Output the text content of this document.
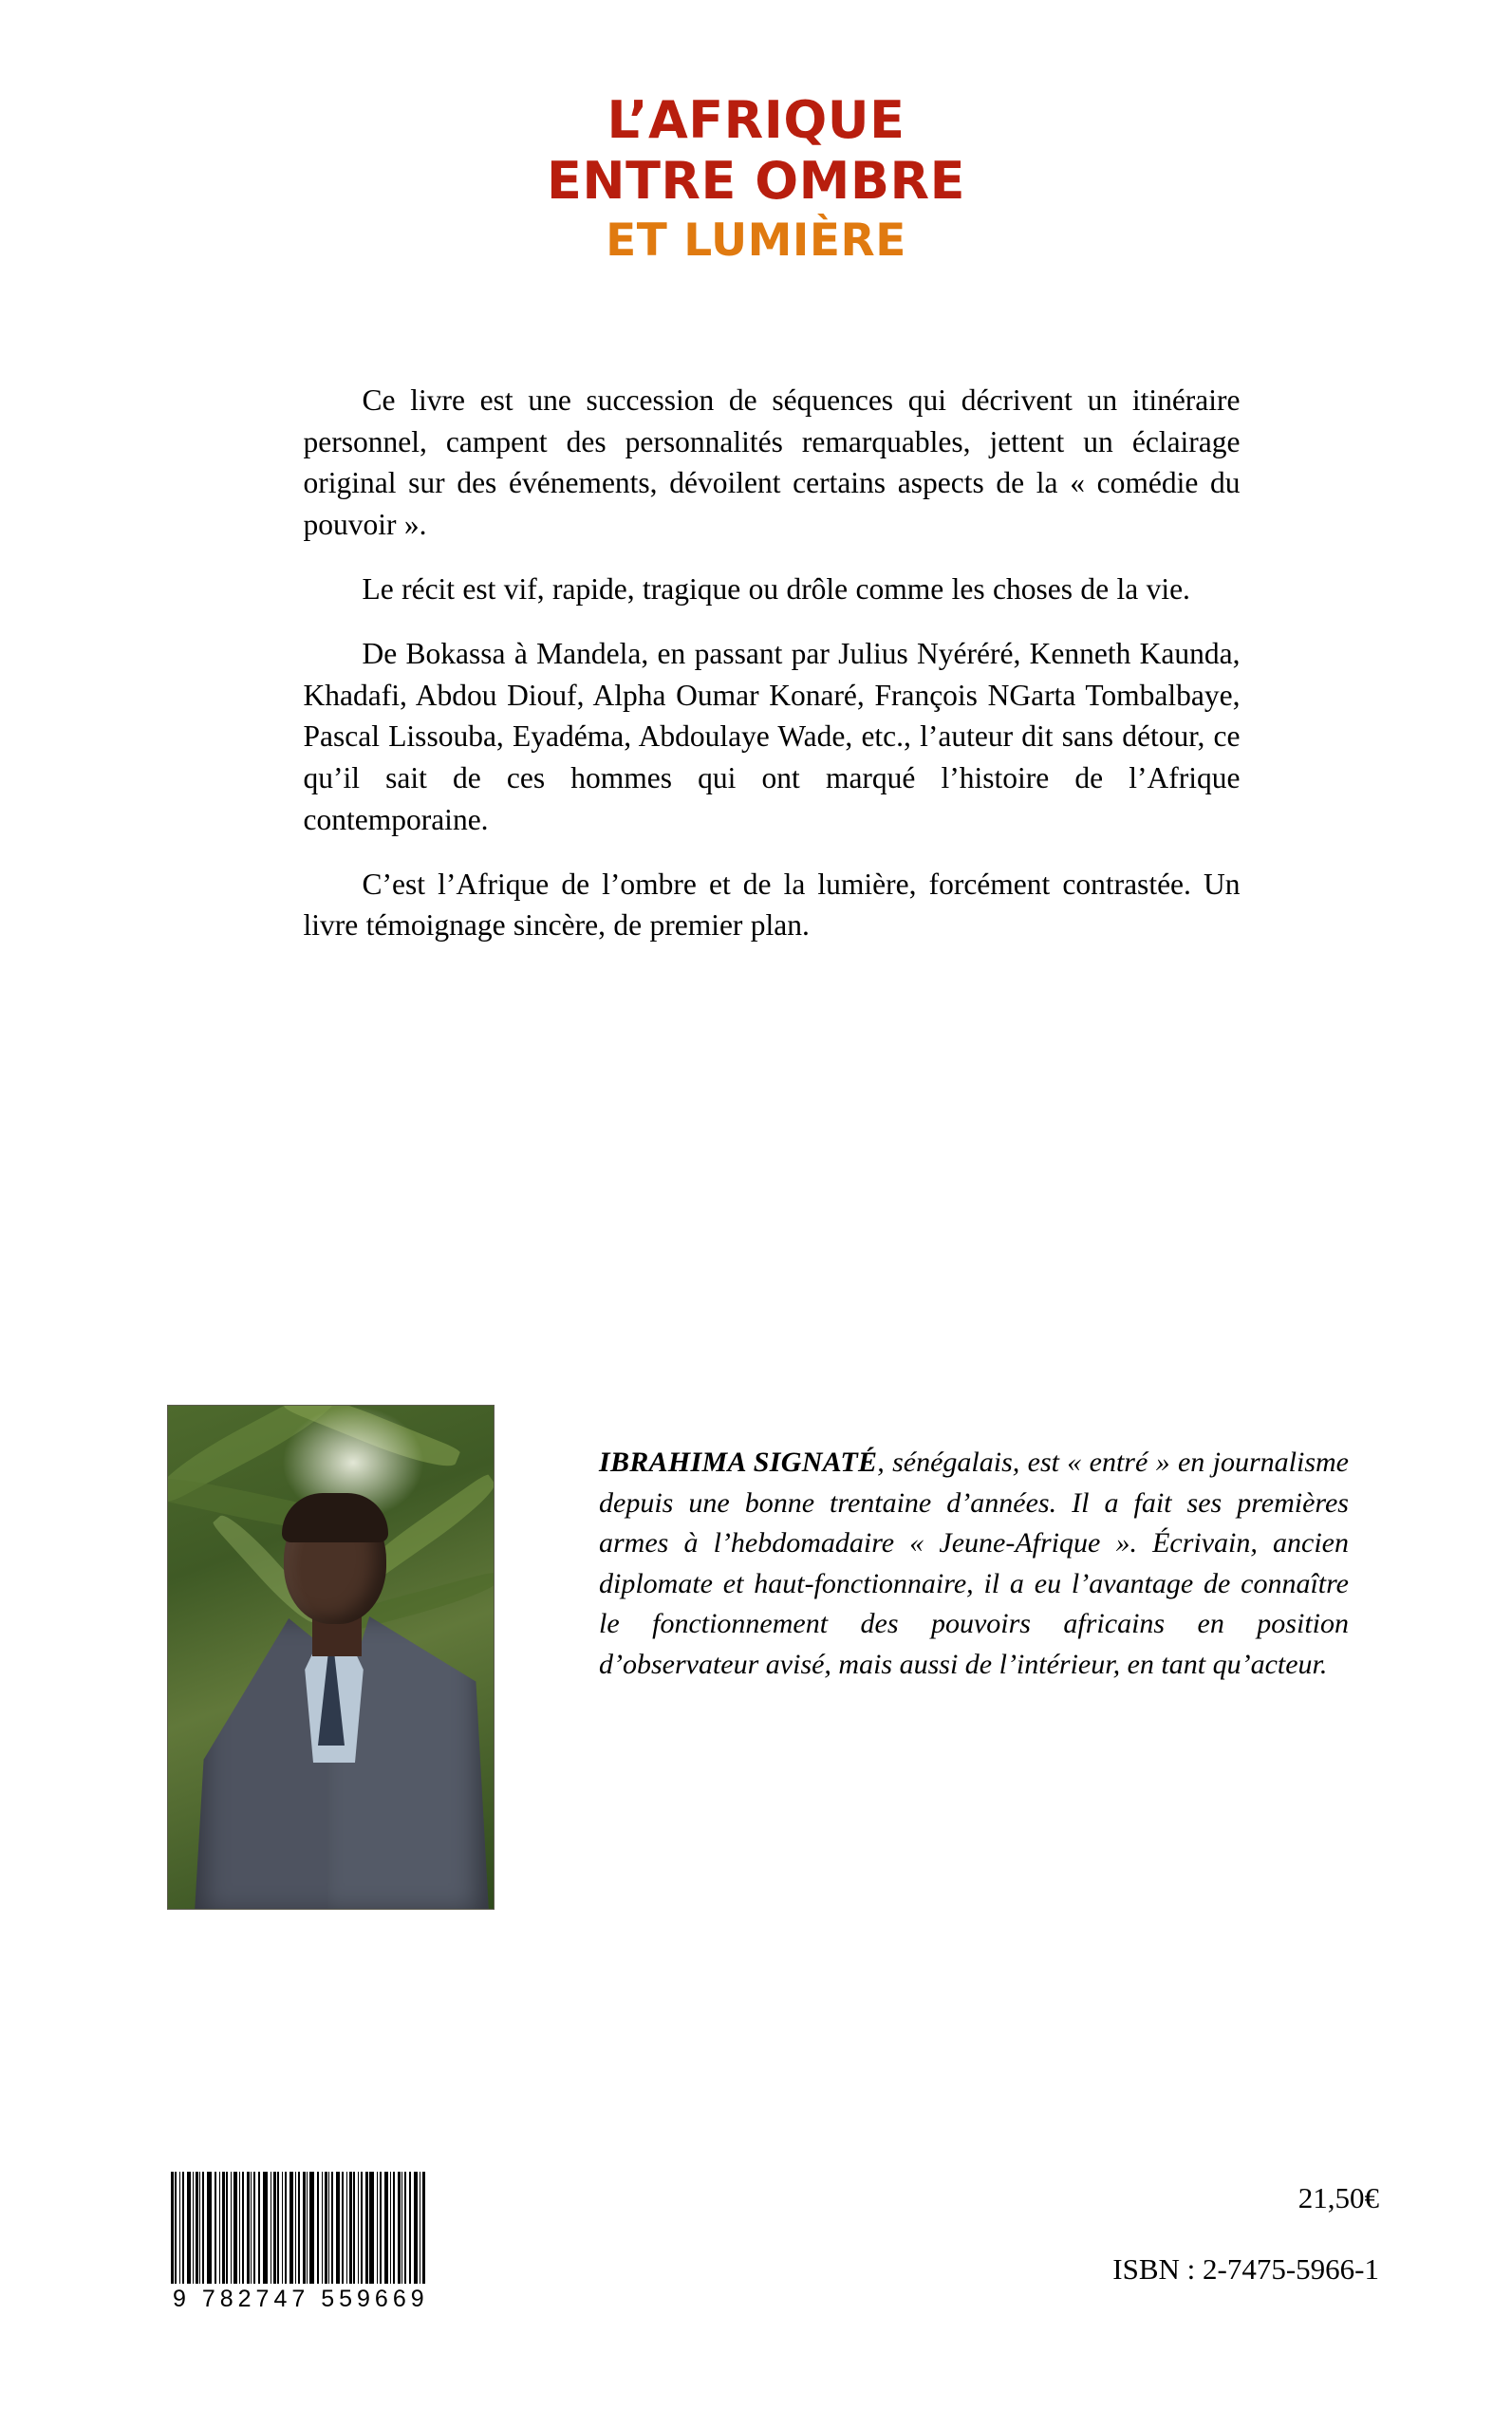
L’AFRIQUE
ENTRE OMBRE
ET LUMIÈRE

Ce livre est une succession de séquences qui décrivent un itinéraire personnel, campent des personnalités remarquables, jettent un éclairage original sur des événements, dévoilent certains aspects de la « comédie du pouvoir ».

Le récit est vif, rapide, tragique ou drôle comme les choses de la vie.

De Bokassa à Mandela, en passant par Julius Nyéréré, Kenneth Kaunda, Khadafi, Abdou Diouf, Alpha Oumar Konaré, François NGarta Tombalbaye, Pascal Lissouba, Eyadéma, Abdoulaye Wade, etc., l’auteur dit sans détour, ce qu’il sait de ces hommes qui ont marqué l’histoire de l’Afrique contemporaine.

C’est l’Afrique de l’ombre et de la lumière, forcément contrastée. Un livre témoignage sincère, de premier plan.

IBRAHIMA SIGNATÉ, sénégalais, est « entré » en journalisme depuis une bonne trentaine d’années. Il a fait ses premières armes à l’hebdomadaire « Jeune-Afrique ». Écrivain, ancien diplomate et haut-fonctionnaire, il a eu l’avantage de connaître le fonctionnement des pouvoirs africains en position d’observateur avisé, mais aussi de l’intérieur, en tant qu’acteur.
9 782747 559669
21,50€
ISBN : 2-7475-5966-1
